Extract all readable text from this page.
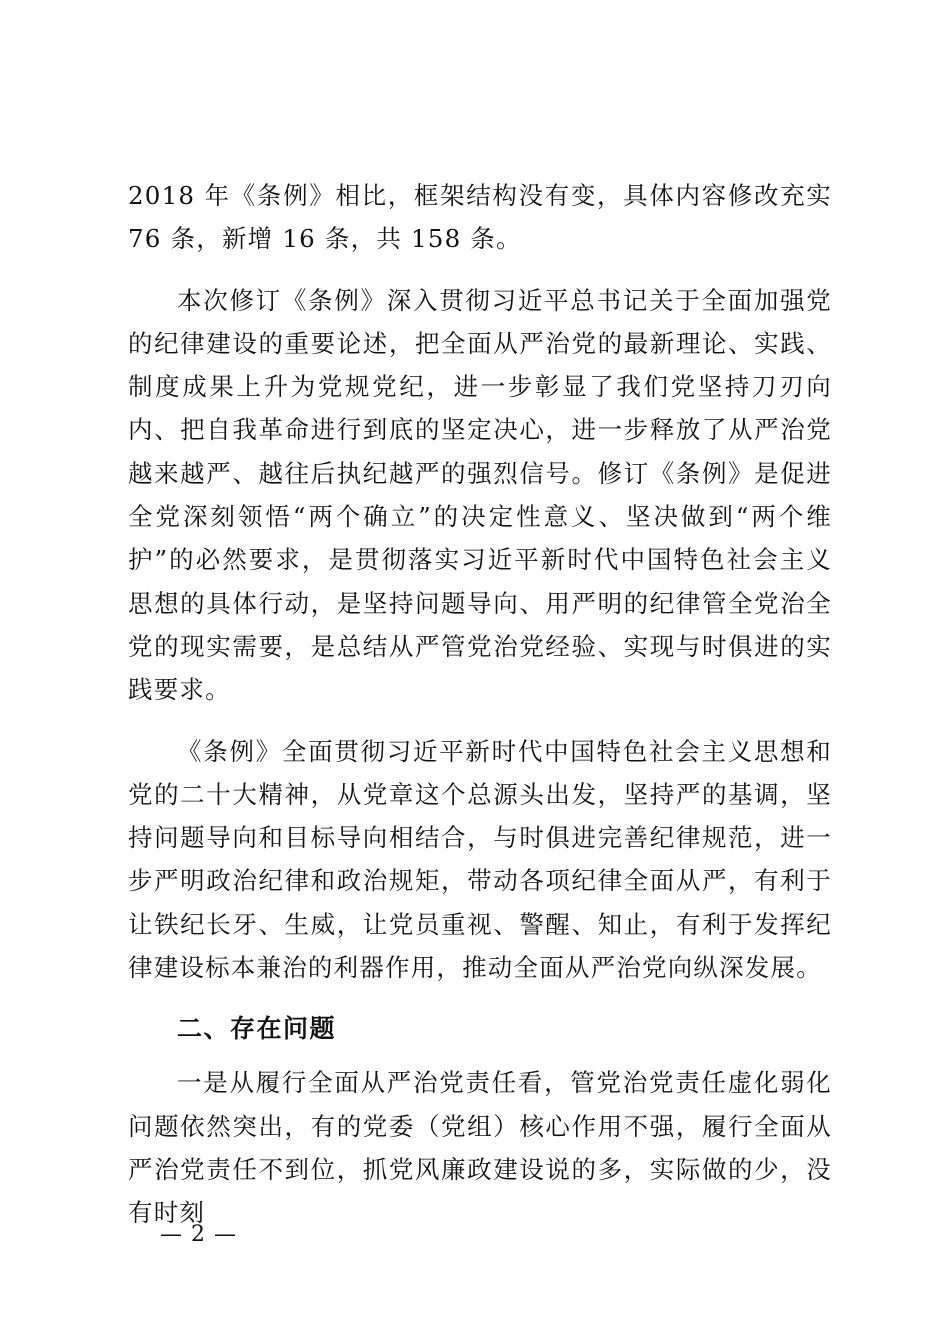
2018 年《条例》相比，框架结构没有变，具体内容修改充实 76 条，新增 16 条，共 158 条。

本次修订《条例》深入贯彻习近平总书记关于全面加强党的纪律建设的重要论述，把全面从严治党的最新理论、实践、制度成果上升为党规党纪，进一步彰显了我们党坚持刀刃向内、把自我革命进行到底的坚定决心，进一步释放了从严治党越来越严、越往后执纪越严的强烈信号。修订《条例》是促进全党深刻领悟“两个确立”的决定性意义、坚决做到“两个维护”的必然要求，是贯彻落实习近平新时代中国特色社会主义思想的具体行动，是坚持问题导向、用严明的纪律管全党治全党的现实需要，是总结从严管党治党经验、实现与时俱进的实践要求。

《条例》全面贯彻习近平新时代中国特色社会主义思想和党的二十大精神，从党章这个总源头出发，坚持严的基调，坚持问题导向和目标导向相结合，与时俱进完善纪律规范，进一步严明政治纪律和政治规矩，带动各项纪律全面从严，有利于让铁纪长牙、生威，让党员重视、警醒、知止，有利于发挥纪律建设标本兼治的利器作用，推动全面从严治党向纵深发展。

二、存在问题

一是从履行全面从严治党责任看，管党治党责任虚化弱化问题依然突出，有的党委（党组）核心作用不强，履行全面从严治党责任不到位，抓党风廉政建设说的多，实际做的少，没有时刻

— 2 —
